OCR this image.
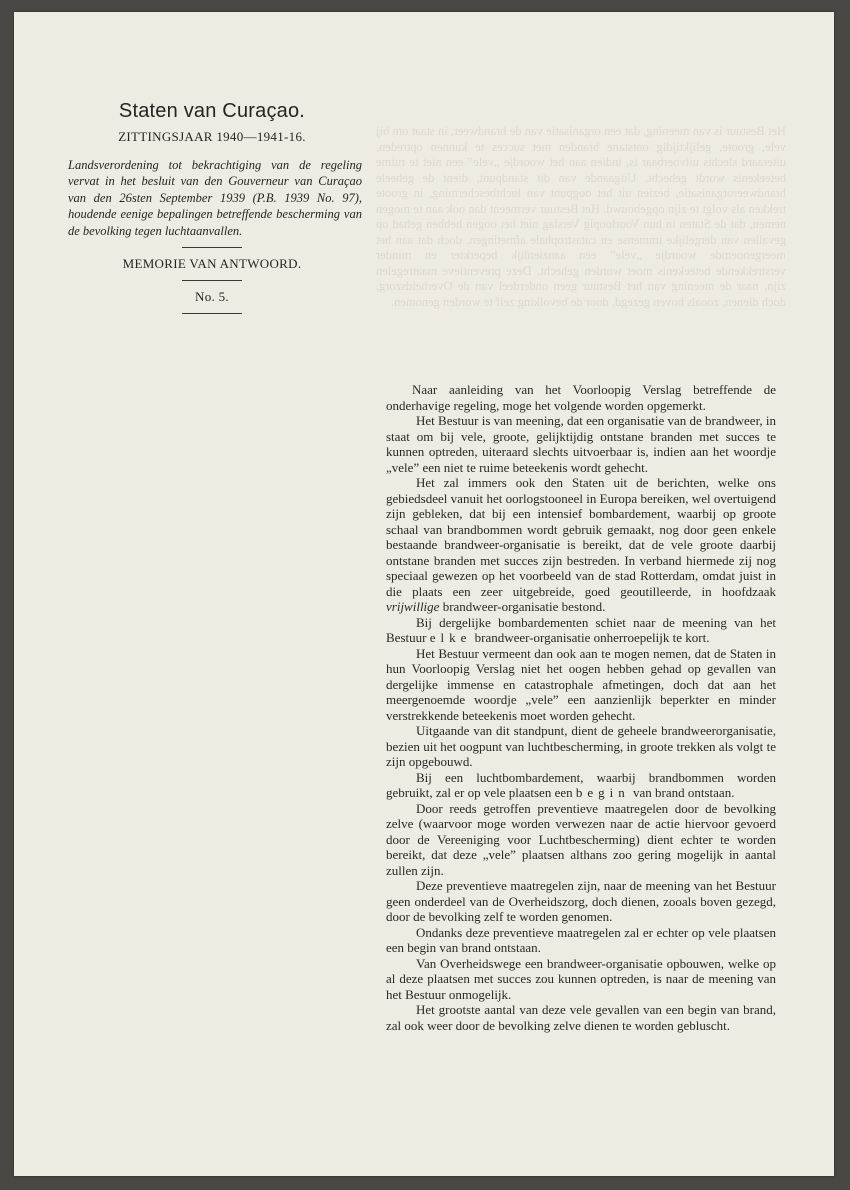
Het Bestuur is van meening, dat een organisatie van de brandweer, in staat om bij vele, groote, gelijktijdig ontstane branden met succes te kunnen optreden, uiteraard slechts uitvoerbaar is, indien aan het woordje „vele” een niet te ruime beteekenis wordt gehecht. Uitgaande van dit standpunt, dient de geheele brandweerorganisatie, bezien uit het oogpunt van luchtbescherming, in groote trekken als volgt te zijn opgebouwd. Het Bestuur vermeent dan ook aan te mogen nemen, dat de Staten in hun Voorloopig Verslag niet het oogen hebben gehad op gevallen van dergelijke immense en catastrophale afmetingen, doch dat aan het meergenoemde woordje „vele” een aanzienlijk beperkter en minder verstrekkende beteekenis moet worden gehecht. Deze preventieve maatregelen zijn, naar de meening van het Bestuur geen onderdeel van de Overheidszorg, doch dienen, zooals boven gezegd, door de bevolking zelf te worden genomen.
Staten van Curaçao.
ZITTINGSJAAR 1940—1941-16.

Landsverordening tot bekrachtiging van de regeling vervat in het besluit van den Gouverneur van Curaçao van den 26sten September 1939 (P.B. 1939 No. 97), houdende eenige bepalingen betreffende bescherming van de bevolking tegen luchtaanvallen.

MEMORIE VAN ANTWOORD.
No. 5.

Naar aanleiding van het Voorloopig Verslag betreffende de onderhavige regeling, moge het volgende worden opgemerkt.

Het Bestuur is van meening, dat een organisatie van de brandweer, in staat om bij vele, groote, gelijktijdig ontstane branden met succes te kunnen optreden, uiteraard slechts uitvoerbaar is, indien aan het woordje „vele” een niet te ruime beteekenis wordt gehecht.

Het zal immers ook den Staten uit de berichten, welke ons gebiedsdeel vanuit het oorlogstooneel in Europa bereiken, wel overtuigend zijn gebleken, dat bij een intensief bombardement, waarbij op groote schaal van brandbommen wordt gebruik gemaakt, nog door geen enkele bestaande brandweer-organisatie is bereikt, dat de vele groote daarbij ontstane branden met succes zijn bestreden. In verband hiermede zij nog speciaal gewezen op het voorbeeld van de stad Rotterdam, omdat juist in die plaats een zeer uitgebreide, goed geoutilleerde, in hoofdzaak vrijwillige brandweer-organisatie bestond.

Bij dergelijke bombardementen schiet naar de meening van het Bestuur elke brandweer-organisatie onherroepelijk te kort.

Het Bestuur vermeent dan ook aan te mogen nemen, dat de Staten in hun Voorloopig Verslag niet het oogen hebben gehad op gevallen van dergelijke immense en catastrophale afmetingen, doch dat aan het meergenoemde woordje „vele” een aanzienlijk beperkter en minder verstrekkende beteekenis moet worden gehecht.

Uitgaande van dit standpunt, dient de geheele brandweerorganisatie, bezien uit het oogpunt van luchtbescherming, in groote trekken als volgt te zijn opgebouwd.

Bij een luchtbombardement, waarbij brandbommen worden gebruikt, zal er op vele plaatsen een begin van brand ontstaan.

Door reeds getroffen preventieve maatregelen door de bevolking zelve (waarvoor moge worden verwezen naar de actie hiervoor gevoerd door de Vereeniging voor Luchtbescherming) dient echter te worden bereikt, dat deze „vele” plaatsen althans zoo gering mogelijk in aantal zullen zijn.

Deze preventieve maatregelen zijn, naar de meening van het Bestuur geen onderdeel van de Overheidszorg, doch dienen, zooals boven gezegd, door de bevolking zelf te worden genomen.

Ondanks deze preventieve maatregelen zal er echter op vele plaatsen een begin van brand ontstaan.

Van Overheidswege een brandweer-organisatie opbouwen, welke op al deze plaatsen met succes zou kunnen optreden, is naar de meening van het Bestuur onmogelijk.

Het grootste aantal van deze vele gevallen van een begin van brand, zal ook weer door de bevolking zelve dienen te worden gebluscht.
